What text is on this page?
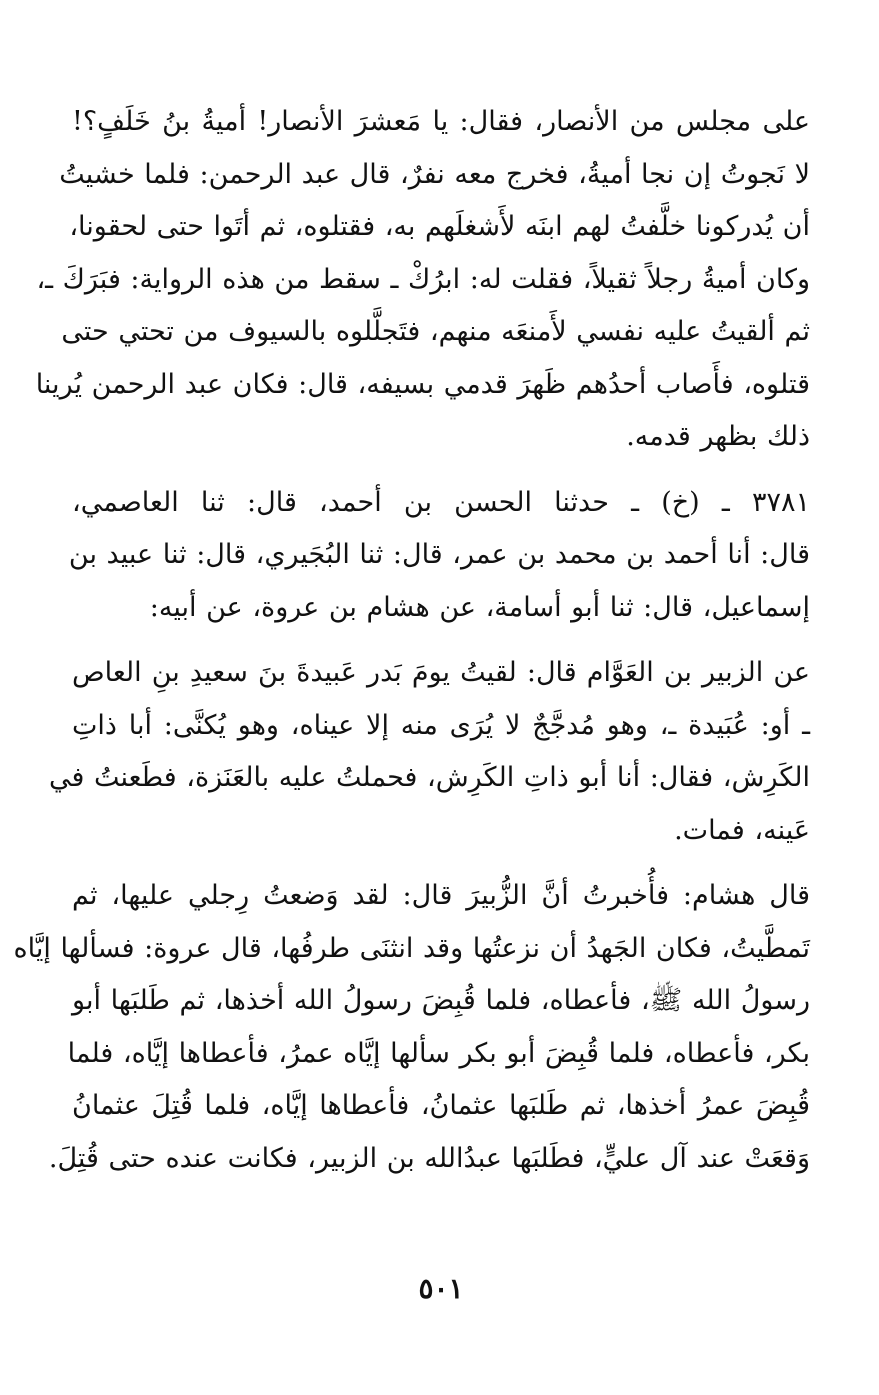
على مجلس من الأنصار، فقال: يا مَعشرَ الأنصار! أميةُ بنُ خَلَفٍ؟!
لا نَجوتُ إن نجا أميةُ، فخرج معه نفرٌ، قال عبد الرحمن: فلما خشيتُ
أن يُدركونا خلَّفتُ لهم ابنَه لأَشغلَهم به، فقتلوه، ثم أتَوا حتى لحقونا،
وكان أميةُ رجلاً ثقيلاً، فقلت له: ابرُكْ ـ سقط من هذه الرواية: فبَرَكَ ـ،
ثم ألقيتُ عليه نفسي لأَمنعَه منهم، فتَجلَّلوه بالسيوف من تحتي حتى
قتلوه، فأَصاب أحدُهم ظَهرَ قدمي بسيفه، قال: فكان عبد الرحمن يُرينا
ذلك بظهر قدمه.

٣٧٨١ ـ (خ) ـ حدثنا الحسن بن أحمد، قال: ثنا العاصمي،
قال: أنا أحمد بن محمد بن عمر، قال: ثنا البُجَيري، قال: ثنا عبيد بن
إسماعيل، قال: ثنا أبو أسامة، عن هشام بن عروة، عن أبيه:

عن الزبير بن العَوَّام قال: لقيتُ يومَ بَدر عَبيدةَ بنَ سعيدِ بنِ العاص
ـ أو: عُبَيدة ـ، وهو مُدجَّجٌ لا يُرَى منه إلا عيناه، وهو يُكنَّى: أبا ذاتِ
الكَرِش، فقال: أنا أبو ذاتِ الكَرِش، فحملتُ عليه بالعَنَزة، فطَعنتُ في
عَينه، فمات.

قال هشام: فأُخبرتُ أنَّ الزُّبيرَ قال: لقد وَضعتُ رِجلي عليها، ثم
تَمطَّيتُ، فكان الجَهدُ أن نزعتُها وقد انثنَى طرفُها، قال عروة: فسألها إيَّاه
رسولُ الله ﷺ، فأعطاه، فلما قُبِضَ رسولُ الله أخذها، ثم طَلبَها أبو
بكر، فأعطاه، فلما قُبِضَ أبو بكر سألها إيَّاه عمرُ، فأعطاها إيَّاه، فلما
قُبِضَ عمرُ أخذها، ثم طَلبَها عثمانُ، فأعطاها إيَّاه، فلما قُتِلَ عثمانُ
وَقعَتْ عند آل عليٍّ، فطَلبَها عبدُالله بن الزبير، فكانت عنده حتى قُتِلَ.

٥٠١
